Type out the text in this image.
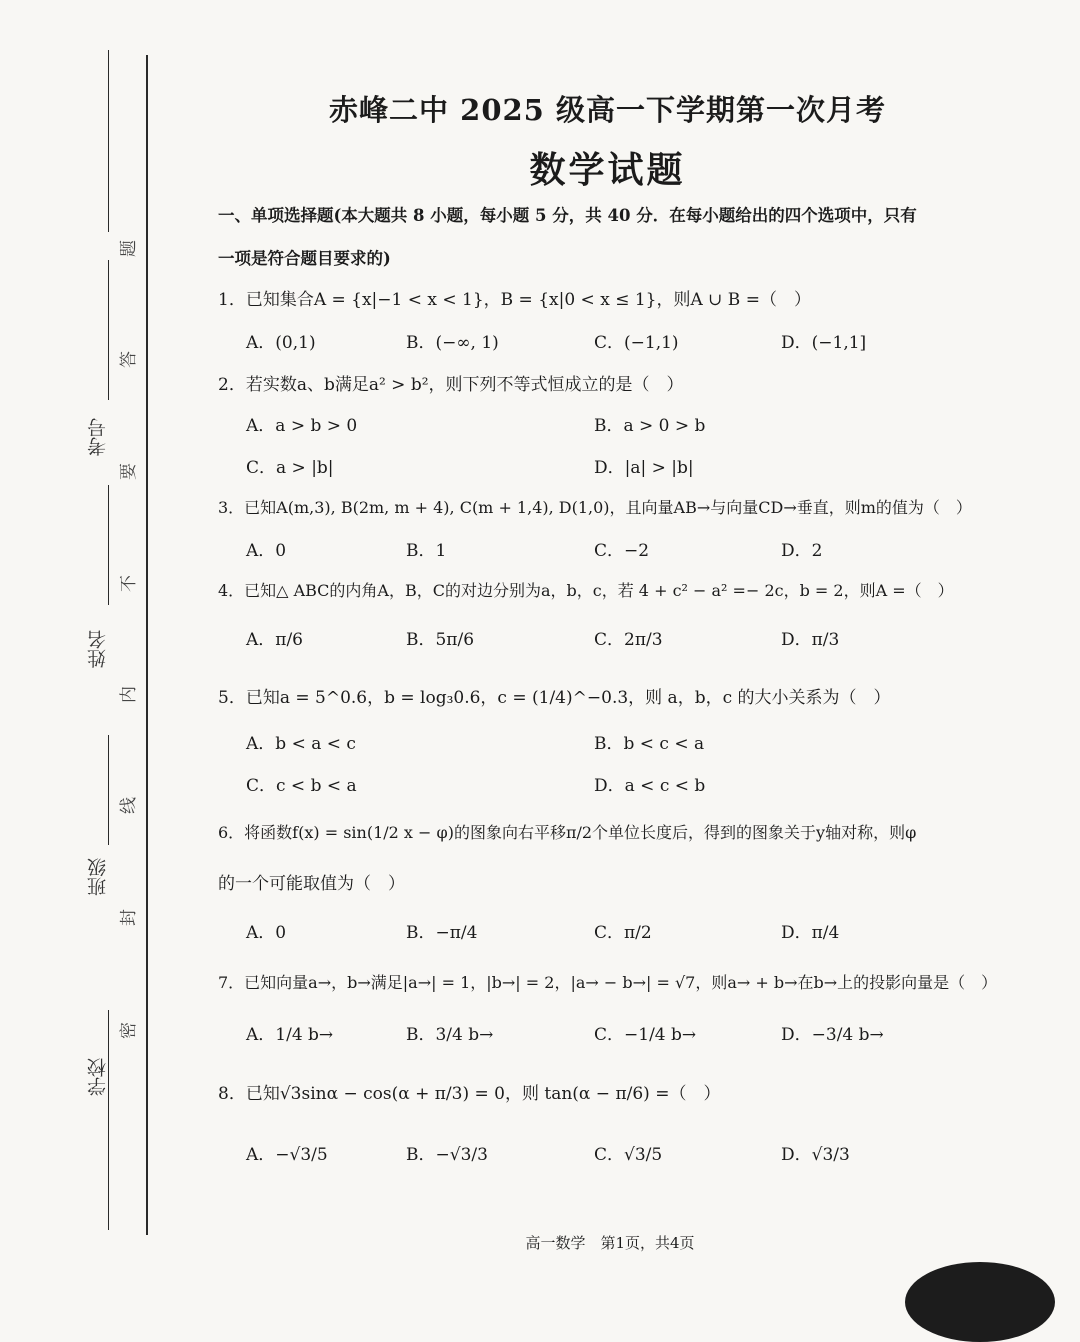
考号
姓名
班级
学校
题
答
要
不
内
线
封
密
赤峰二中 2025 级高一下学期第一次月考
数学试题
一、单项选择题(本大题共 8 小题，每小题 5 分，共 40 分．在每小题给出的四个选项中，只有
一项是符合题目要求的)
1．已知集合A = {x|−1 < x < 1}，B = {x|0 < x ≤ 1}，则A ∪ B =（　）
A．(0,1)	B．(−∞, 1)	C．(−1,1)	D．(−1,1]
2．若实数a、b满足a² > b²，则下列不等式恒成立的是（　）
A．a > b > 0	B．a > 0 > b
C．a > |b|	D．|a| > |b|
3．已知A(m,3), B(2m, m + 4), C(m + 1,4), D(1,0)，且向量AB→与向量CD→垂直，则m的值为（　）
A．0	B．1	C．−2	D．2
4．已知△ ABC的内角A，B，C的对边分别为a，b，c，若 4 + c² − a² =− 2c，b = 2，则A =（　）
A．π/6	B．5π/6	C．2π/3	D．π/3
5．已知a = 5^0.6，b = log₃0.6，c = (1/4)^−0.3，则 a，b，c 的大小关系为（　）
A．b < a < c	B．b < c < a
C．c < b < a	D．a < c < b
6．将函数f(x) = sin(1/2 x − φ)的图象向右平移π/2个单位长度后，得到的图象关于y轴对称，则φ
的一个可能取值为（　）
A．0	B．−π/4	C．π/2	D．π/4
7．已知向量a→，b→满足|a→| = 1，|b→| = 2，|a→ − b→| = √7，则a→ + b→在b→上的投影向量是（　）
A．1/4 b→	B．3/4 b→	C．−1/4 b→	D．−3/4 b→
8．已知√3sinα − cos(α + π/3) = 0，则 tan(α − π/6) =（　）
A．−√3/5	B．−√3/3	C．√3/5	D．√3/3
高一数学　第1页，共4页
